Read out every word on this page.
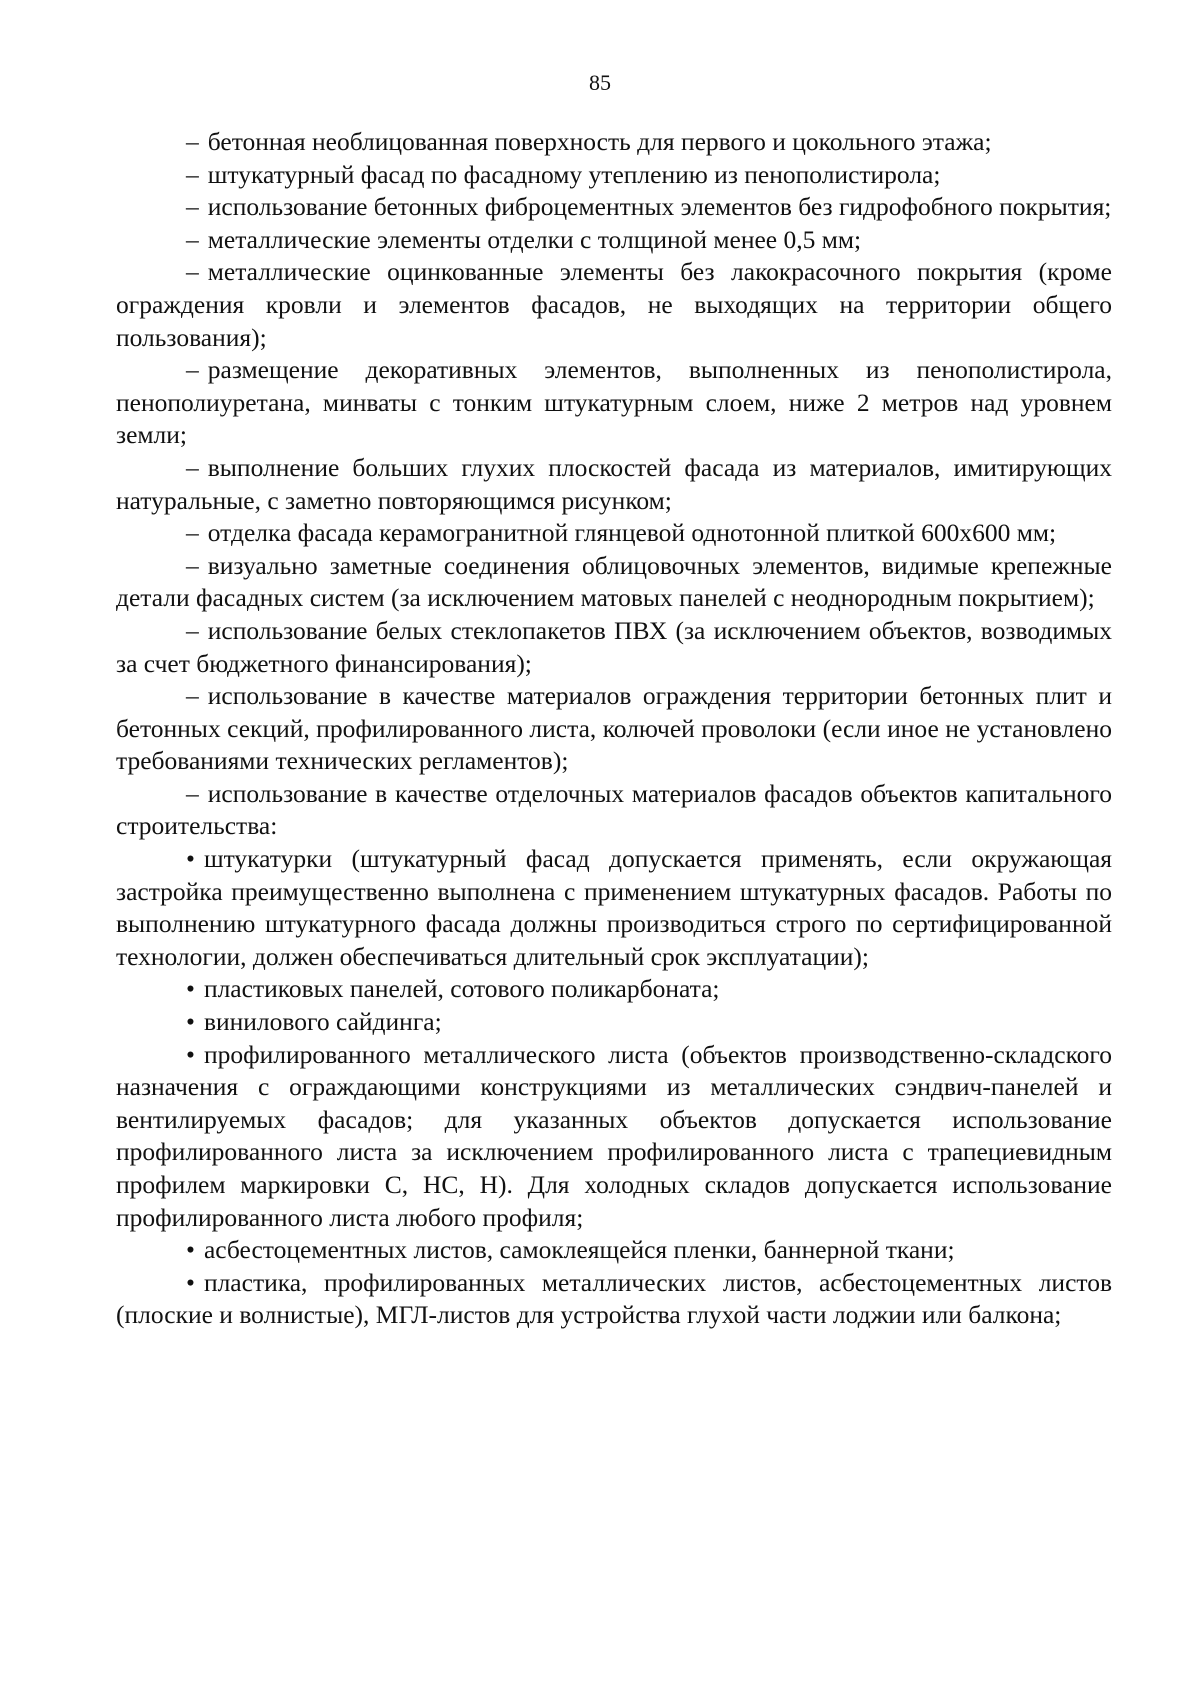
85

– бетонная необлицованная поверхность для первого и цокольного этажа;

– штукатурный фасад по фасадному утеплению из пенополистирола;

– использование бетонных фиброцементных элементов без гидрофобного покрытия;

– металлические элементы отделки с толщиной менее 0,5 мм;

– металлические оцинкованные элементы без лакокрасочного покрытия (кроме ограждения кровли и элементов фасадов, не выходящих на территории общего пользования);

– размещение декоративных элементов, выполненных из пенополистирола, пенополиуретана, минваты с тонким штукатурным слоем, ниже 2 метров над уровнем земли;

– выполнение больших глухих плоскостей фасада из материалов, имитирующих натуральные, с заметно повторяющимся рисунком;

– отделка фасада керамогранитной глянцевой однотонной плиткой 600х600 мм;

– визуально заметные соединения облицовочных элементов, видимые крепежные детали фасадных систем (за исключением матовых панелей с неоднородным покрытием);

– использование белых стеклопакетов ПВХ (за исключением объектов, возводимых за счет бюджетного финансирования);

– использование в качестве материалов ограждения территории бетонных плит и бетонных секций, профилированного листа, колючей проволоки (если иное не установлено требованиями технических регламентов);

– использование в качестве отделочных материалов фасадов объектов капитального строительства:

• штукатурки (штукатурный фасад допускается применять, если окружающая застройка преимущественно выполнена с применением штукатурных фасадов. Работы по выполнению штукатурного фасада должны производиться строго по сертифицированной технологии, должен обеспечиваться длительный срок эксплуатации);

• пластиковых панелей, сотового поликарбоната;

• винилового сайдинга;

• профилированного металлического листа (объектов производственно-складского назначения с ограждающими конструкциями из металлических сэндвич-панелей и вентилируемых фасадов; для указанных объектов допускается использование профилированного листа за исключением профилированного листа с трапециевидным профилем маркировки С, НС, Н). Для холодных складов допускается использование профилированного листа любого профиля;

• асбестоцементных листов, самоклеящейся пленки, баннерной ткани;

• пластика, профилированных металлических листов, асбестоцементных листов (плоские и волнистые), МГЛ-листов для устройства глухой части лоджии или балкона;
